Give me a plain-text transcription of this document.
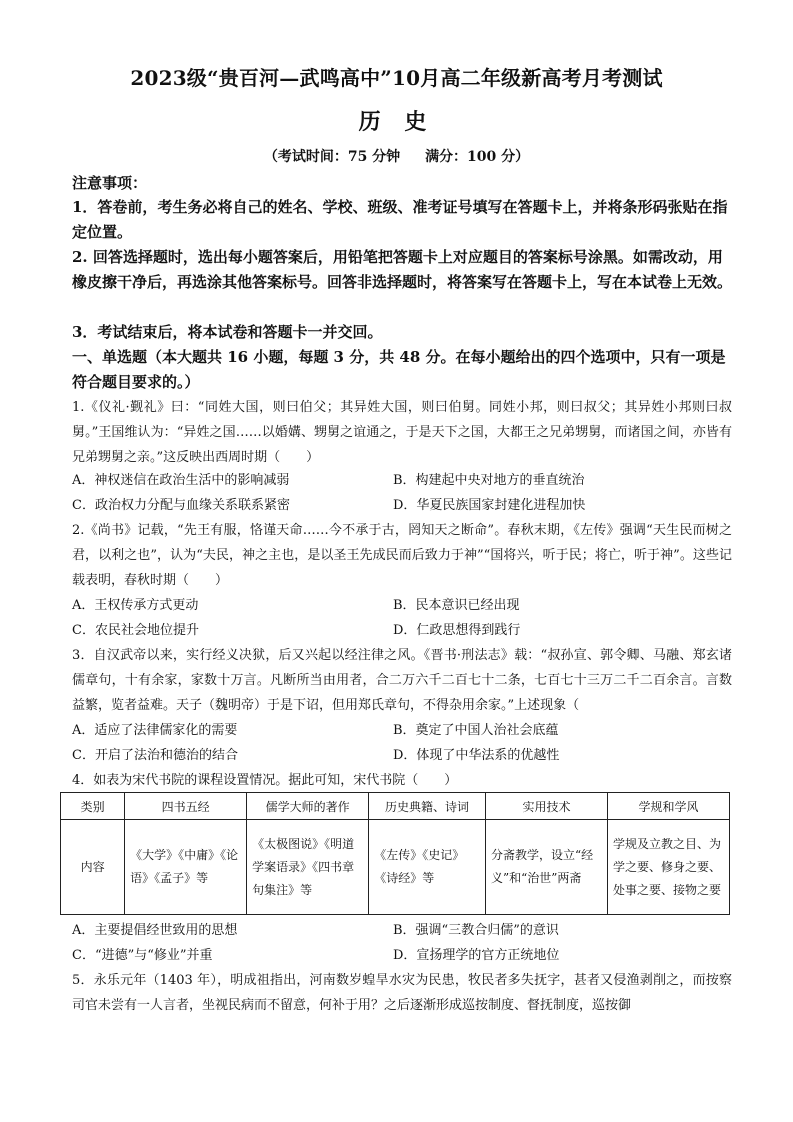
2023级“贵百河—武鸣高中”10月高二年级新高考月考测试
历 史
（考试时间：75 分钟 满分：100 分）
注意事项：
1．答卷前，考生务必将自己的姓名、学校、班级、准考证号填写在答题卡上，并将条形码张贴在指定位置。
2. 回答选择题时，选出每小题答案后，用铅笔把答题卡上对应题目的答案标号涂黑。如需改动，用橡皮擦干净后，再选涂其他答案标号。回答非选择题时，将答案写在答题卡上，写在本试卷上无效。
3．考试结束后，将本试卷和答题卡一并交回。
一、单选题（本大题共 16 小题，每题 3 分，共 48 分。在每小题给出的四个选项中，只有一项是符合题目要求的。）
1.《仪礼·觐礼》曰：“同姓大国，则曰伯父；其异姓大国，则曰伯舅。同姓小邦，则曰叔父；其异姓小邦则曰叔舅。”王国维认为：“异姓之国……以婚媾、甥舅之谊通之，于是天下之国，大都王之兄弟甥舅，而诸国之间，亦皆有兄弟甥舅之亲。”这反映出西周时期（　　）
A．神权迷信在政治生活中的影响减弱	B．构建起中央对地方的垂直统治
C．政治权力分配与血缘关系联系紧密	D．华夏民族国家封建化进程加快
2.《尚书》记载，“先王有服，恪谨天命……今不承于古，罔知天之断命”。春秋末期，《左传》强调“天生民而树之君，以利之也”，认为“夫民，神之主也，是以圣王先成民而后致力于神”“国将兴，听于民；将亡，听于神”。这些记载表明，春秋时期（　　）
A．王权传承方式更动	B．民本意识已经出现
C．农民社会地位提升	D．仁政思想得到践行
3．自汉武帝以来，实行经义决狱，后又兴起以经注律之风。《晋书·刑法志》载：“叔孙宣、郭令卿、马融、郑玄诸儒章句，十有余家，家数十万言。凡断所当由用者，合二万六千二百七十二条，七百七十三万二千二百余言。言数益繁，览者益难。天子（魏明帝）于是下诏，但用郑氏章句，不得杂用余家。”上述现象（
A．适应了法律儒家化的需要	B．奠定了中国人治社会底蕴
C．开启了法治和德治的结合	D．体现了中华法系的优越性
4．如表为宋代书院的课程设置情况。据此可知，宋代书院（　　）
类别	四书五经	儒学大师的著作	历史典籍、诗词	实用技术	学规和学风
内容	《大学》《中庸》《论语》《孟子》等	《太极图说》《明道学案语录》《四书章句集注》等	《左传》《史记》《诗经》等	分斋教学，设立“经义”和“治世”两斋	学规及立教之目、为学之要、修身之要、处事之要、接物之要
A．主要提倡经世致用的思想	B．强调“三教合归儒”的意识
C．“进德”与“修业”并重	D．宣扬理学的官方正统地位
5．永乐元年（1403 年），明成祖指出，河南数岁蝗旱水灾为民患，牧民者多失抚字，甚者又侵渔剥削之，而按察司官未尝有一人言者，坐视民病而不留意，何补于用？之后逐渐形成巡按制度、督抚制度，巡按御
